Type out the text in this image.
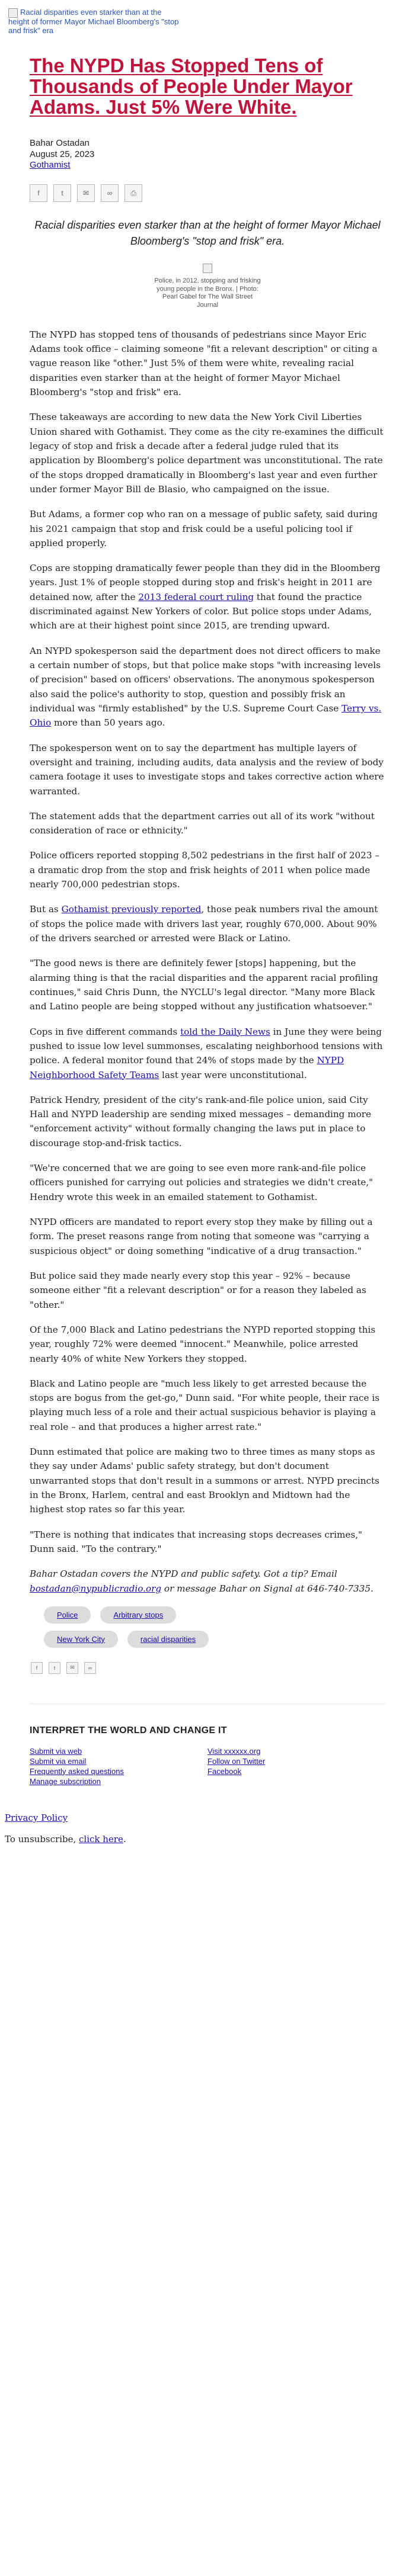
Racial disparities even starker than at the height of former Mayor Michael Bloomberg's "stop and frisk" era
The NYPD Has Stopped Tens of Thousands of People Under Mayor Adams. Just 5% Were White.
Bahar Ostadan
August 25, 2023
Gothamist
f	t	✉	∞	⎙
Racial disparities even starker than at the height of former Mayor Michael Bloomberg's "stop and frisk" era.
Police, in 2012, stopping and frisking young people in the Bronx. | Photo: Pearl Gabel for The Wall Street Journal

The NYPD has stopped tens of thousands of pedestrians since Mayor Eric Adams took office – claiming someone "fit a relevant description" or citing a vague reason like "other." Just 5% of them were white, revealing racial disparities even starker than at the height of former Mayor Michael Bloomberg's "stop and frisk" era.

These takeaways are according to new data the New York Civil Liberties Union shared with Gothamist. They come as the city re-examines the difficult legacy of stop and frisk a decade after a federal judge ruled that its application by Bloomberg's police department was unconstitutional. The rate of the stops dropped dramatically in Bloomberg's last year and even further under former Mayor Bill de Blasio, who campaigned on the issue.

But Adams, a former cop who ran on a message of public safety, said during his 2021 campaign that stop and frisk could be a useful policing tool if applied properly.

Cops are stopping dramatically fewer people than they did in the Bloomberg years. Just 1% of people stopped during stop and frisk's height in 2011 are detained now, after the 2013 federal court ruling that found the practice discriminated against New Yorkers of color. But police stops under Adams, which are at their highest point since 2015, are trending upward.

An NYPD spokesperson said the department does not direct officers to make a certain number of stops, but that police make stops "with increasing levels of precision" based on officers' observations. The anonymous spokesperson also said the police's authority to stop, question and possibly frisk an individual was "firmly established" by the U.S. Supreme Court Case Terry vs. Ohio more than 50 years ago.

The spokesperson went on to say the department has multiple layers of oversight and training, including audits, data analysis and the review of body camera footage it uses to investigate stops and takes corrective action where warranted.

The statement adds that the department carries out all of its work "without consideration of race or ethnicity."

Police officers reported stopping 8,502 pedestrians in the first half of 2023 – a dramatic drop from the stop and frisk heights of 2011 when police made nearly 700,000 pedestrian stops.

But as Gothamist previously reported, those peak numbers rival the amount of stops the police made with drivers last year, roughly 670,000. About 90% of the drivers searched or arrested were Black or Latino.

"The good news is there are definitely fewer [stops] happening, but the alarming thing is that the racial disparities and the apparent racial profiling continues," said Chris Dunn, the NYCLU's legal director. "Many more Black and Latino people are being stopped without any justification whatsoever."

Cops in five different commands told the Daily News in June they were being pushed to issue low level summonses, escalating neighborhood tensions with police. A federal monitor found that 24% of stops made by the NYPD Neighborhood Safety Teams last year were unconstitutional.

Patrick Hendry, president of the city's rank-and-file police union, said City Hall and NYPD leadership are sending mixed messages – demanding more "enforcement activity" without formally changing the laws put in place to discourage stop-and-frisk tactics.

"We're concerned that we are going to see even more rank-and-file police officers punished for carrying out policies and strategies we didn't create," Hendry wrote this week in an emailed statement to Gothamist.

NYPD officers are mandated to report every stop they make by filling out a form. The preset reasons range from noting that someone was "carrying a suspicious object" or doing something "indicative of a drug transaction."

But police said they made nearly every stop this year – 92% – because someone either "fit a relevant description" or for a reason they labeled as "other."

Of the 7,000 Black and Latino pedestrians the NYPD reported stopping this year, roughly 72% were deemed "innocent." Meanwhile, police arrested nearly 40% of white New Yorkers they stopped.

Black and Latino people are "much less likely to get arrested because the stops are bogus from the get-go," Dunn said. "For white people, their race is playing much less of a role and their actual suspicious behavior is playing a real role – and that produces a higher arrest rate."

Dunn estimated that police are making two to three times as many stops as they say under Adams' public safety strategy, but don't document unwarranted stops that don't result in a summons or arrest. NYPD precincts in the Bronx, Harlem, central and east Brooklyn and Midtown had the highest stop rates so far this year.

"There is nothing that indicates that increasing stops decreases crimes," Dunn said. "To the contrary."

Bahar Ostadan covers the NYPD and public safety. Got a tip? Email bostadan@nypublicradio.org or message Bahar on Signal at 646-740-7335.

Police	Arbitrary stops
New York City	racial disparities
f	t	✉	∞
INTERPRET THE WORLD AND CHANGE IT
Submit via web
Submit via email
Frequently asked questions
Manage subscription
Visit xxxxxx.org
Follow on Twitter
Facebook

Privacy Policy

To unsubscribe, click here.
